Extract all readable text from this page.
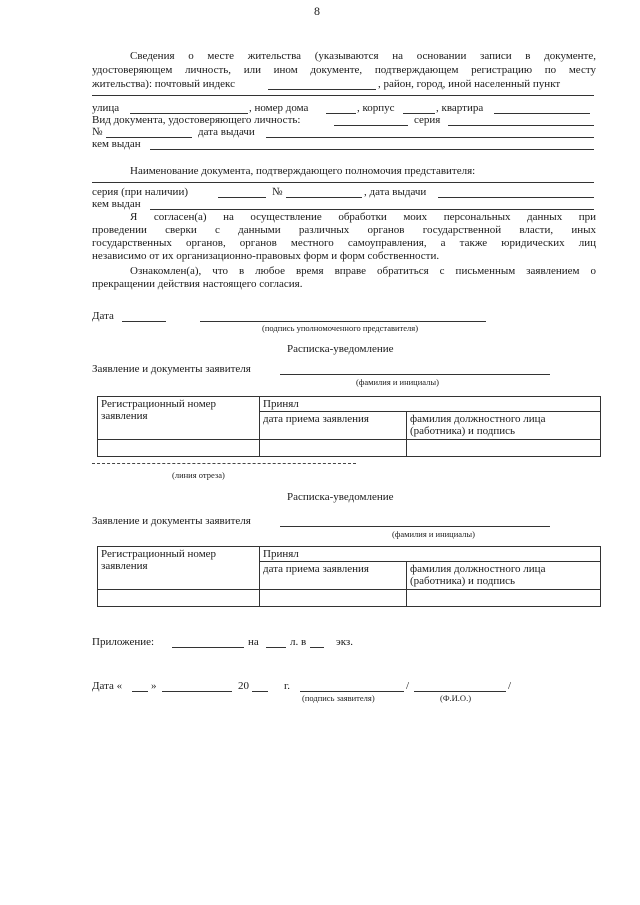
8
Сведения о месте жительства (указываются на основании записи в документе,
удостоверяющем личность, или ином документе, подтверждающем регистрацию по месту
жительства): почтовый индекс	, район, город, иной населенный пункт
улица	, номер дома	, корпус	, квартира
Вид документа, удостоверяющего личность:	серия
№	дата выдачи
кем выдан
Наименование документа, подтверждающего полномочия представителя:
серия (при наличии)	№	, дата выдачи
кем выдан
Я согласен(а) на осуществление обработки моих персональных данных при
проведении сверки с данными различных органов государственной власти, иных
государственных органов, органов местного самоуправления, а также юридических лиц
независимо от их организационно-правовых форм и форм собственности.
Ознакомлен(а), что в любое время вправе обратиться с письменным заявлением о
прекращении действия настоящего согласия.
Дата
(подпись уполномоченного представителя)
Расписка-уведомление
Заявление и документы заявителя
(фамилия и инициалы)
Регистрационный номер заявления	Принял	
	дата приема заявления	фамилия должностного лица (работника) и подпись

(линия отреза)
Расписка-уведомление
Заявление и документы заявителя
(фамилия и инициалы)
Регистрационный номер заявления	Принял	
	дата приема заявления	фамилия должностного лица (работника) и подпись

Приложение:	на	л. в	экз.
Дата «	»	20	г.	/	/
(подпись заявителя)	(Ф.И.О.)
